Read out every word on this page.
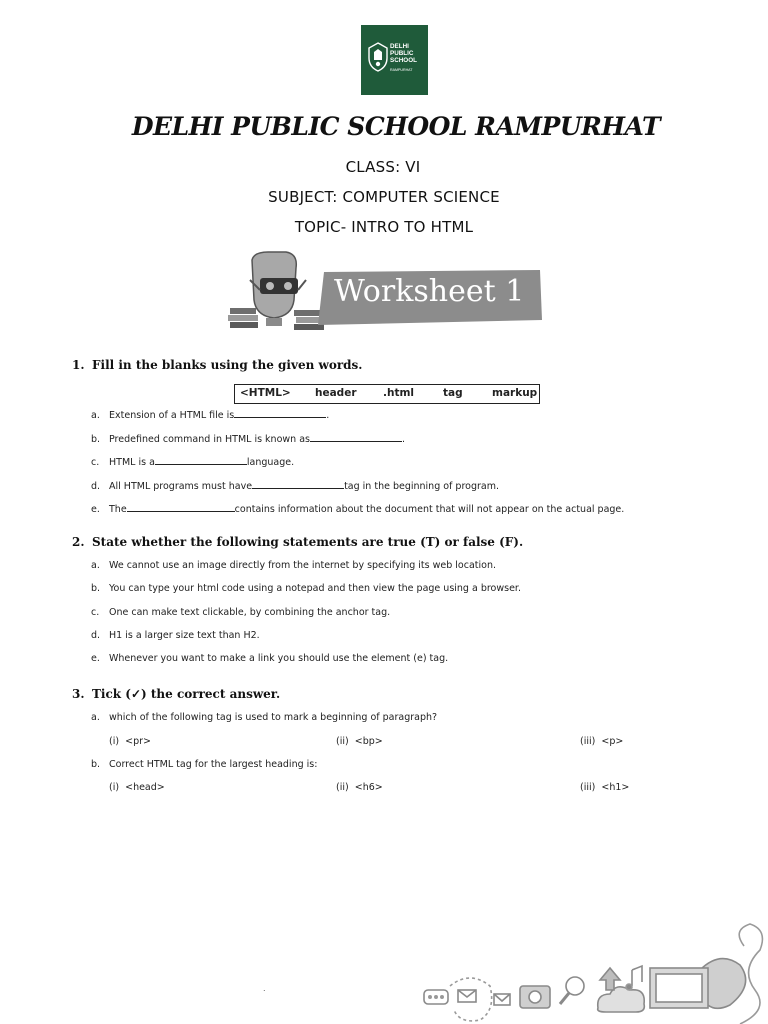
DELHI
PUBLIC
SCHOOL
RAMPURHAT
DELHI PUBLIC SCHOOL RAMPURHAT
CLASS: VI
SUBJECT: COMPUTER SCIENCE
TOPIC- INTRO TO HTML
Worksheet 1
1. Fill in the blanks using the given words.
<HTML> header	.html	tag	markup
a. Extension of a HTML file is	.
b. Predefined command in HTML is known as	.
c. HTML is a	language.
d. All HTML programs must have	tag in the beginning of program.
e. The	contains information about the document that will not appear on the actual page.
2. State whether the following statements are true (T) or false (F).
a. We cannot use an image directly from the internet by specifying its web location.
b. You can type your html code using a notepad and then view the page using a browser.
c. One can make text clickable, by combining the anchor tag.
d. H1 is a larger size text than H2.
e. Whenever you want to make a link you should use the element (e) tag.
3. Tick (✓) the correct answer.
a. which of the following tag is used to mark a beginning of paragraph?
(i) <pr>	(ii) <bp>	(iii) <p>
b. Correct HTML tag for the largest heading is:
(i) <head>	(ii) <h6>	(iii) <h1>
.
